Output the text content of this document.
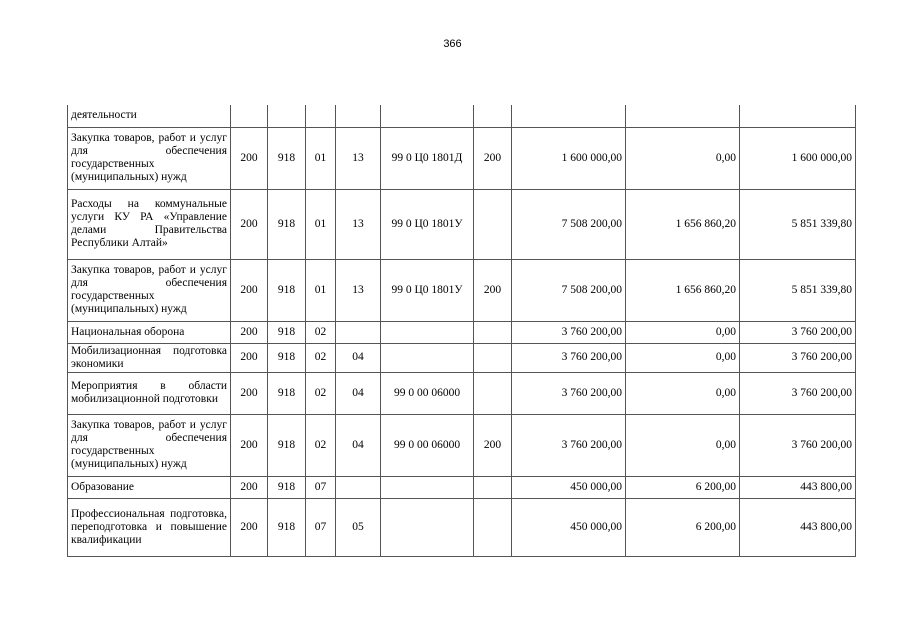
366
деятельности									
Закупка товаров, работ и услуг для обеспечения государственных (муниципальных) нужд	200	918	01	13	99 0 Ц0 1801Д	200	1 600 000,00	0,00	1 600 000,00
Расходы на коммунальные услуги КУ РА «Управление делами Правительства Республики Алтай»	200	918	01	13	99 0 Ц0 1801У		7 508 200,00	1 656 860,20	5 851 339,80
Закупка товаров, работ и услуг для обеспечения государственных (муниципальных) нужд	200	918	01	13	99 0 Ц0 1801У	200	7 508 200,00	1 656 860,20	5 851 339,80
Национальная оборона	200	918	02				3 760 200,00	0,00	3 760 200,00
Мобилизационная подготовка экономики	200	918	02	04			3 760 200,00	0,00	3 760 200,00
Мероприятия в области мобилизационной подготовки	200	918	02	04	99 0 00 06000		3 760 200,00	0,00	3 760 200,00
Закупка товаров, работ и услуг для обеспечения государственных (муниципальных) нужд	200	918	02	04	99 0 00 06000	200	3 760 200,00	0,00	3 760 200,00
Образование	200	918	07				450 000,00	6 200,00	443 800,00
Профессиональная подготовка, переподготовка и повышение квалификации	200	918	07	05			450 000,00	6 200,00	443 800,00
